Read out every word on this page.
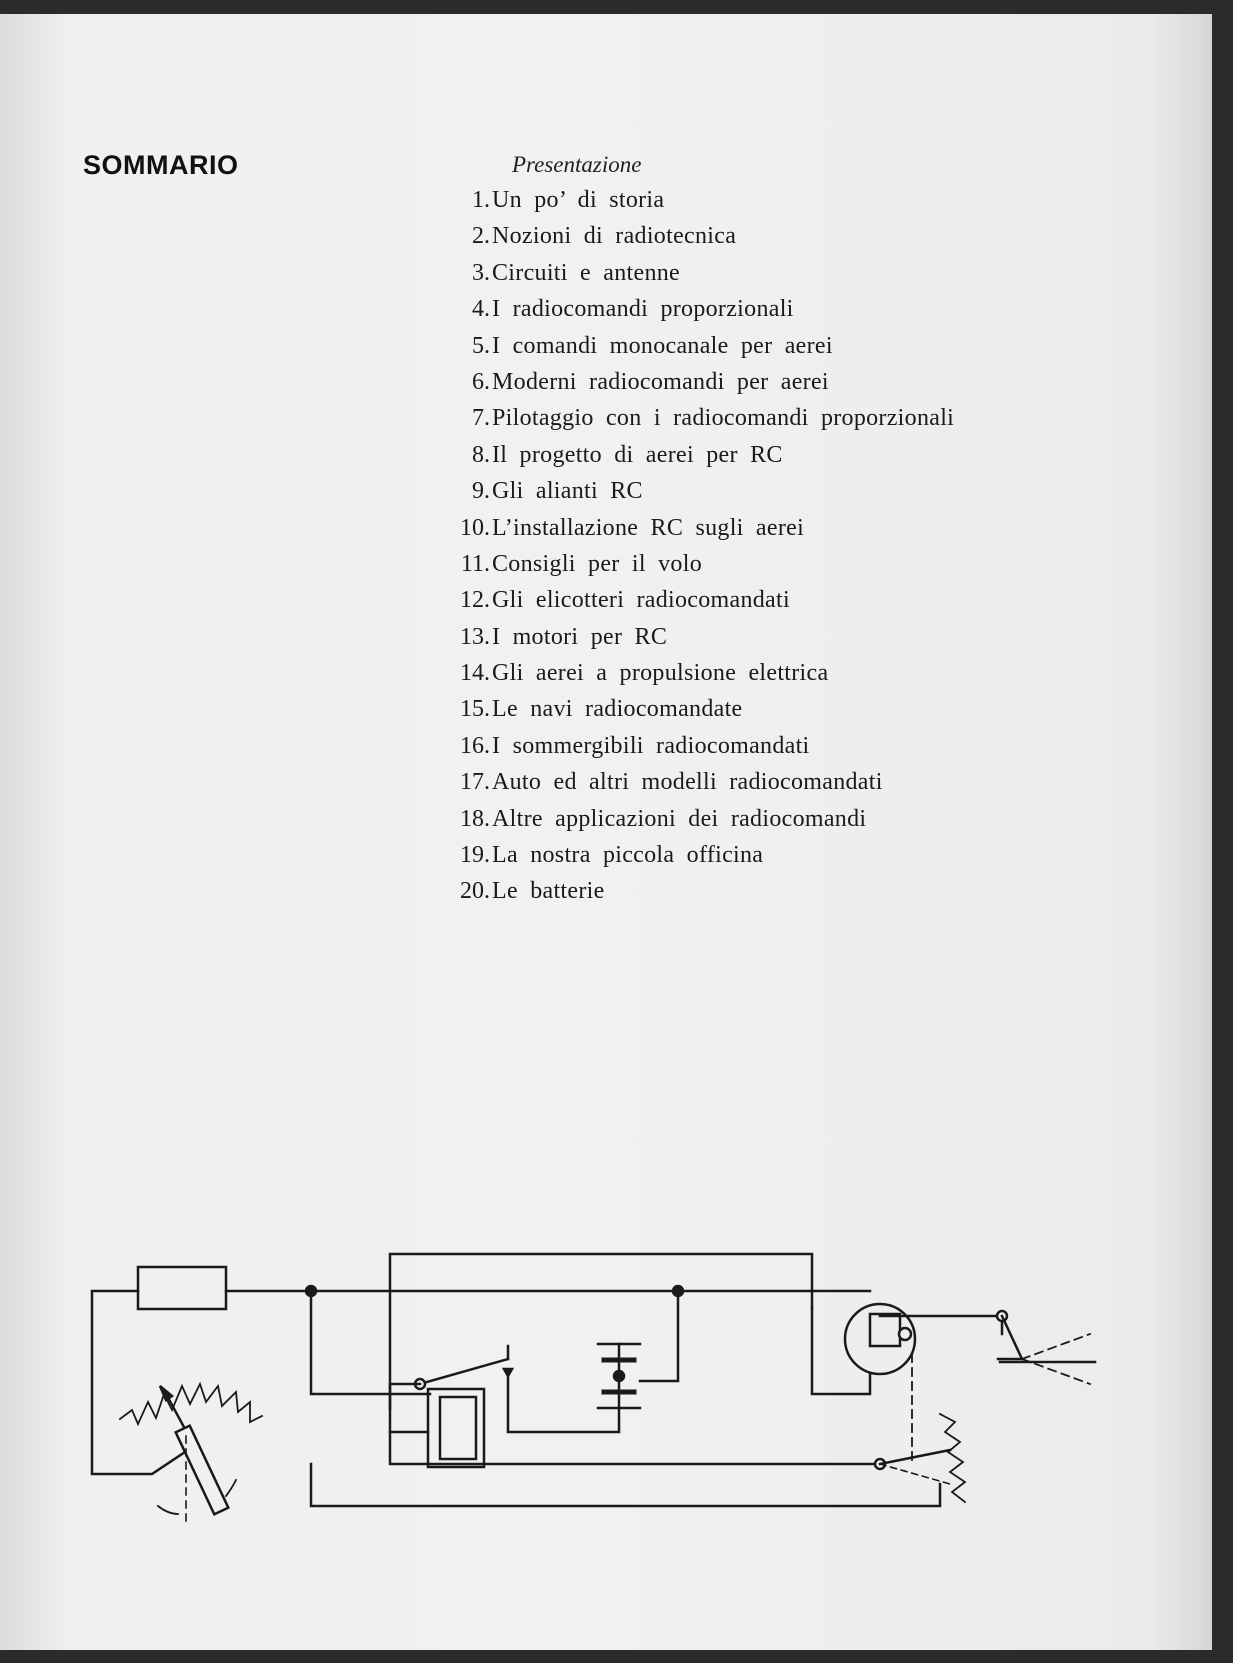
SOMMARIO	Presentazione
1. Un po’ di storia
2. Nozioni di radiotecnica
3. Circuiti e antenne
4. I radiocomandi proporzionali
5. I comandi monocanale per aerei
6. Moderni radiocomandi per aerei
7. Pilotaggio con i radiocomandi proporzionali
8. Il progetto di aerei per RC
9. Gli alianti RC
10. L’installazione RC sugli aerei
11. Consigli per il volo
12. Gli elicotteri radiocomandati
13. I motori per RC
14. Gli aerei a propulsione elettrica
15. Le navi radiocomandate
16. I sommergibili radiocomandati
17. Auto ed altri modelli radiocomandati
18. Altre applicazioni dei radiocomandi
19. La nostra piccola officina
20. Le batterie
